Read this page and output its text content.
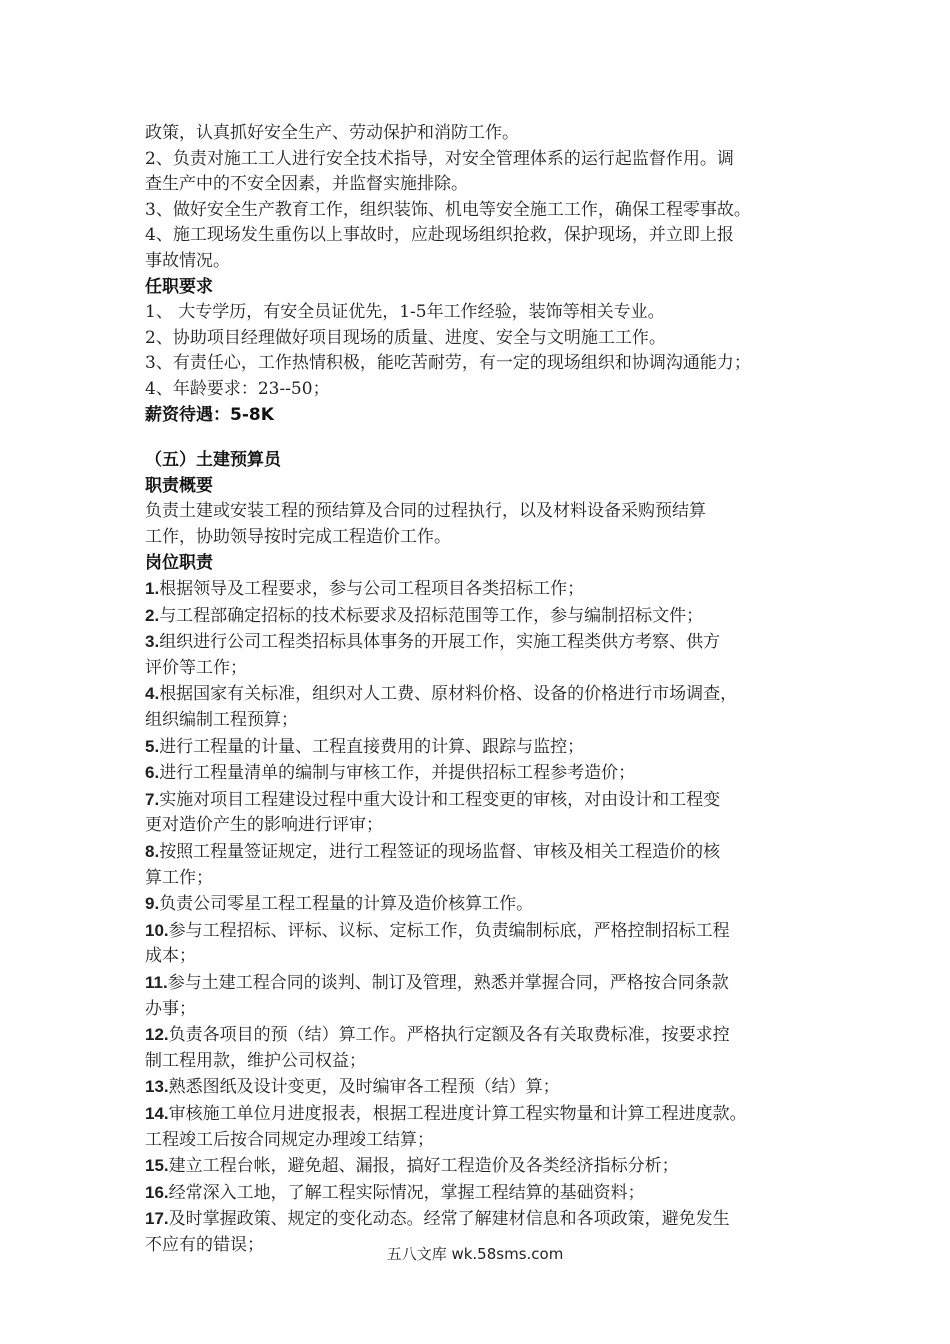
政策，认真抓好安全生产、劳动保护和消防工作。

2、负责对施工工人进行安全技术指导，对安全管理体系的运行起监督作用。调

查生产中的不安全因素，并监督实施排除。

3、做好安全生产教育工作，组织装饰、机电等安全施工工作，确保工程零事故。

4、施工现场发生重伤以上事故时，应赴现场组织抢救，保护现场，并立即上报

事故情况。

任职要求

1、 大专学历，有安全员证优先，1-5年工作经验，装饰等相关专业。

2、协助项目经理做好项目现场的质量、进度、安全与文明施工工作。

3、有责任心，工作热情积极，能吃苦耐劳，有一定的现场组织和协调沟通能力；

4、年龄要求：23--50；

薪资待遇：5-8K

（五）土建预算员

职责概要

负责土建或安装工程的预结算及合同的过程执行，以及材料设备采购预结算

工作，协助领导按时完成工程造价工作。

岗位职责

1.根据领导及工程要求，参与公司工程项目各类招标工作；

2.与工程部确定招标的技术标要求及招标范围等工作，参与编制招标文件；

3.组织进行公司工程类招标具体事务的开展工作，实施工程类供方考察、供方

评价等工作；

4.根据国家有关标准，组织对人工费、原材料价格、设备的价格进行市场调查，

组织编制工程预算；

5.进行工程量的计量、工程直接费用的计算、跟踪与监控；

6.进行工程量清单的编制与审核工作，并提供招标工程参考造价；

7.实施对项目工程建设过程中重大设计和工程变更的审核，对由设计和工程变

更对造价产生的影响进行评审；

8.按照工程量签证规定，进行工程签证的现场监督、审核及相关工程造价的核

算工作；

9.负责公司零星工程工程量的计算及造价核算工作。

10.参与工程招标、评标、议标、定标工作，负责编制标底，严格控制招标工程

成本；

11.参与土建工程合同的谈判、制订及管理，熟悉并掌握合同，严格按合同条款

办事；

12.负责各项目的预（结）算工作。严格执行定额及各有关取费标准，按要求控

制工程用款，维护公司权益；

13.熟悉图纸及设计变更，及时编审各工程预（结）算；

14.审核施工单位月进度报表，根据工程进度计算工程实物量和计算工程进度款。

工程竣工后按合同规定办理竣工结算；

15.建立工程台帐，避免超、漏报，搞好工程造价及各类经济指标分析；

16.经常深入工地，了解工程实际情况，掌握工程结算的基础资料；

17.及时掌握政策、规定的变化动态。经常了解建材信息和各项政策，避免发生

不应有的错误；	五八文库 wk.58sms.com
